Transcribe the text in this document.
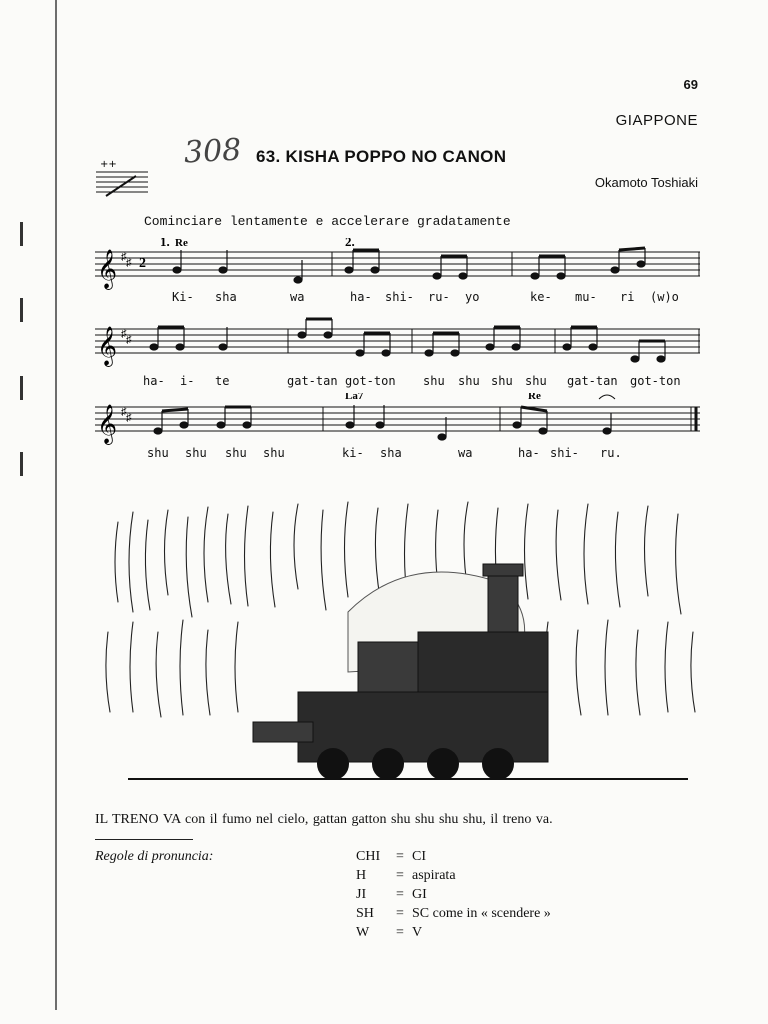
69
GIAPPONE
308 63. KISHA POPPO NO CANON
Okamoto Toshiaki
++
Cominciare lentamente e accelerare gradatamente
𝄞 ♯ ♯ 2
1. Re	2.
Ki- sha	wa	ha- shi- ru- yo	ke- mu- ri (w)o
𝄞 ♯ ♯
ha- i- te	gat-tan got-ton shu shu shu shu gat-tan got-ton
𝄞 ♯ ♯
La7	Re
shu shu shu shu	ki- sha	wa	ha- shi- ru.
IL TRENO VA con il fumo nel cielo, gattan gatton shu shu shu shu, il treno va.
Regole di pronuncia:	CHI = CI
H = aspirata
JI = GI
SH = SC come in « scendere »
W = V
